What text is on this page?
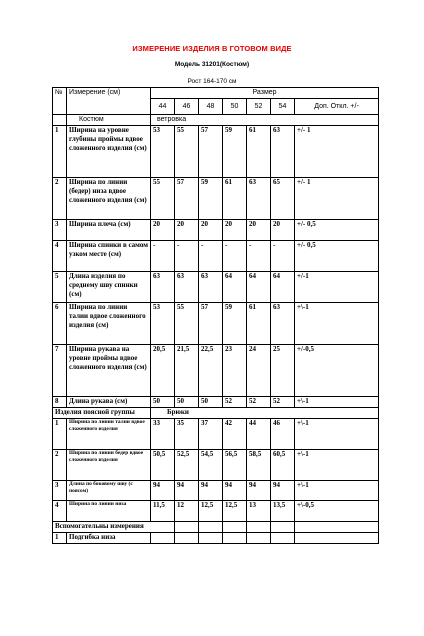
ИЗМЕРЕНИЕ ИЗДЕЛИЯ В ГОТОВОМ ВИДЕ
Модель 31201(Костюм)
Рост 164-170 см
№	Измерение (см)	Размер						
		44	46	48	50	52	54	Доп. Откл. +/-
	Костюм	ветровка						
1	Ширина на уровне глубины проймы вдвое сложенного изделия (см)	53	55	57	59	61	63	+/- 1
2	Ширина по линии (бедер) низа вдвое сложенного изделия (см)	55	57	59	61	63	65	+/- 1
3	Ширина плеча (см)	20	20	20	20	20	20	+/- 0,5
4	Ширина спинки в самом узком месте (см)	-	-	-	-	-	-	+/- 0,5
5	Длина изделия по среднему шву спинки (см)	63	63	63	64	64	64	+/-1
6	Ширина по линии талии вдвое сложенного изделия (см)	53	55	57	59	61	63	+\-1
7	Ширина рукава на уровне проймы вдвое сложенного изделия (см)	20,5	21,5	22,5	23	24	25	+/-0,5
8	Длина рукава (см)	50	50	50	52	52	52	+\-1
Изделия поясной группы		Брюки						
1	Ширина по линии талии вдвое сложенного изделия	33	35	37	42	44	46	+\-1
2	Ширина по линии бедер вдвое сложенного изделия	50,5	52,5	54,5	56,5	58,5	60,5	+\-1
3	Длина по боковому шву (с поясом)	94	94	94	94	94	94	+\-1
4	Ширина по линии низа	11,5	12	12,5	12,5	13	13,5	+\-0,5
Вспомогательны измерения								
1	Подгибка низа							
